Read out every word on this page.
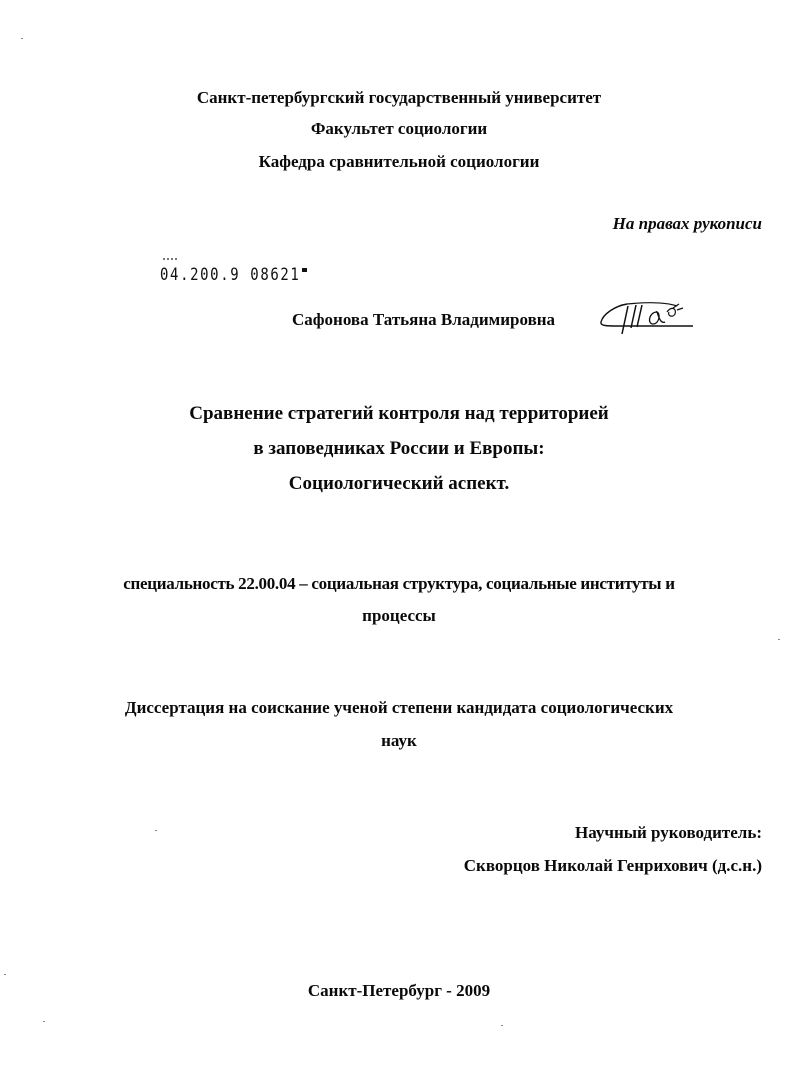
Санкт-петербургский государственный университет
Факультет социологии
Кафедра сравнительной социологии
На правах рукописи
04.200.9 08621
Сафонова Татьяна Владимировна
Сравнение стратегий контроля над территорией
в заповедниках России и Европы:
Социологический аспект.
специальность 22.00.04 – социальная структура, социальные институты и
процессы
Диссертация на соискание ученой степени кандидата социологических
наук
Научный руководитель:
Скворцов Николай Генрихович (д.с.н.)
Санкт-Петербург - 2009
